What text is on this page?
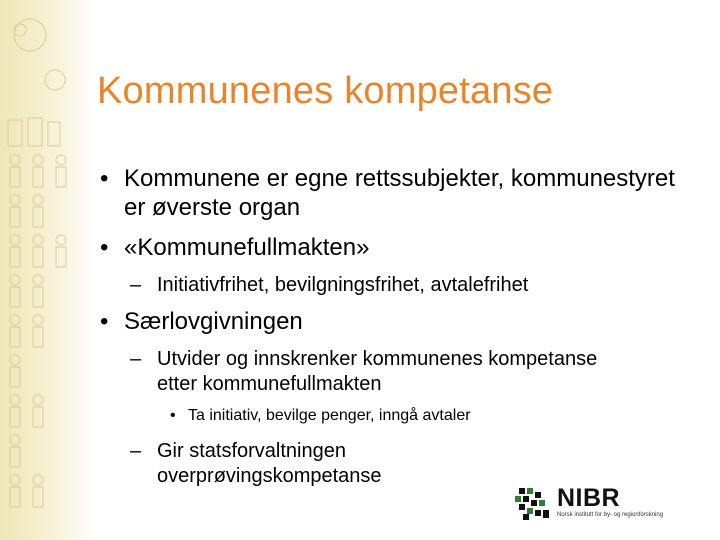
Kommunenes kompetanse
• Kommunene er egne rettssubjekter, kommunestyret er øverste organ
• «Kommunefullmakten»
– Initiativfrihet, bevilgningsfrihet, avtalefrihet
• Særlovgivningen
– Utvider og innskrenker kommunenes kompetanse etter kommunefullmakten
• Ta initiativ, bevilge penger, inngå avtaler
– Gir statsforvaltningen overprøvingskompetanse
NIBR
Norsk institutt for by- og regionforskning
